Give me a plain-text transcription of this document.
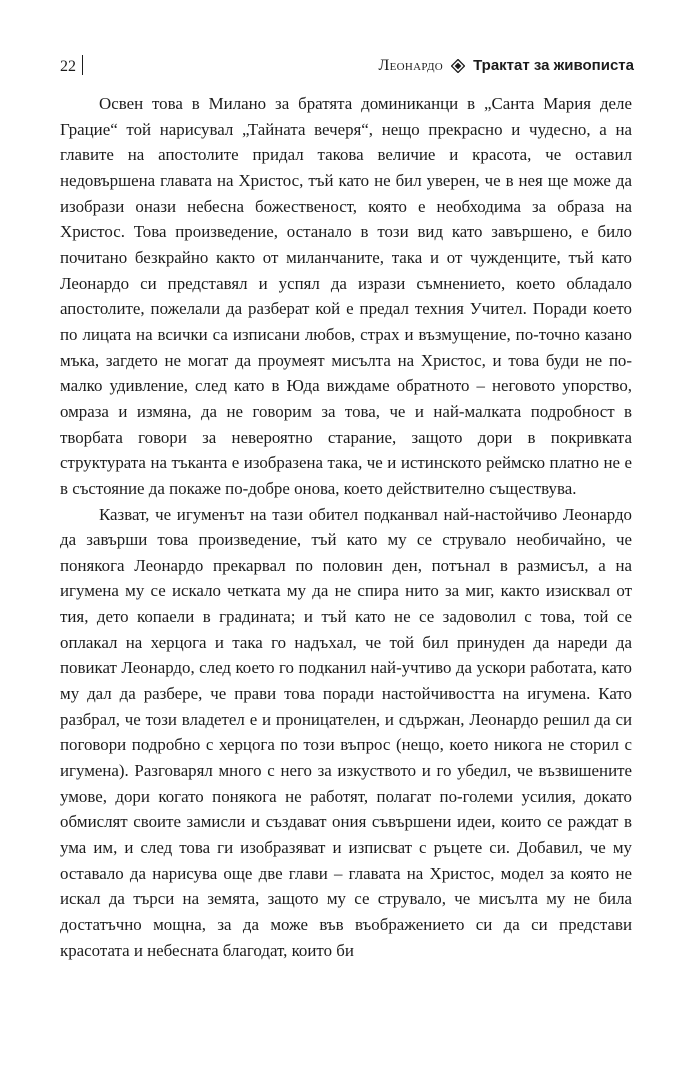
22	Леонардо Трактат за живописта

Освен това в Милано за братята доминиканци в „Санта Мария деле Грацие“ той нарисувал „Тайната вечеря“, нещо прекрасно и чудесно, а на главите на апостолите придал такова величие и красота, че оставил недовършена главата на Христос, тъй като не бил уверен, че в нея ще може да изобрази онази небесна божественост, която е необходима за образа на Христос. Това произведение, останало в този вид като завършено, е било почитано безкрайно както от миланчаните, така и от чужденците, тъй като Леонардо си представял и успял да изрази съмнението, което обладало апостолите, пожелали да разберат кой е предал техния Учител. Поради което по лицата на всички са изписани любов, страх и възмущение, по-точно казано мъка, загдето не могат да проумеят мисълта на Христос, и това буди не по-малко удивление, след като в Юда виждаме обратното – неговото упорство, омраза и измяна, да не говорим за това, че и най-малката подробност в творбата говори за невероятно старание, защото дори в покривката структурата на тъканта е изобразена така, че и истинското реймско платно не е в състояние да покаже по-добре онова, което действително съществува.

Казват, че игуменът на тази обител подканвал най-настойчиво Леонардо да завърши това произведение, тъй като му се струвало необичайно, че понякога Леонардо прекарвал по половин ден, потънал в размисъл, а на игумена му се искало четката му да не спира нито за миг, както изисквал от тия, дето копаели в градината; и тъй като не се задоволил с това, той се оплакал на херцога и така го надъхал, че той бил принуден да нареди да повикат Леонардо, след което го подканил най-учтиво да ускори работата, като му дал да разбере, че прави това поради настойчивостта на игумена. Като разбрал, че този владетел е и проницателен, и сдържан, Леонардо решил да си поговори подробно с херцога по този въпрос (нещо, което никога не сторил с игумена). Разговарял много с него за изкуството и го убедил, че възвишените умове, дори когато понякога не работят, полагат по-големи усилия, докато обмислят своите замисли и създават ония съвършени идеи, които се раждат в ума им, и след това ги изобразяват и изписват с ръцете си. Добавил, че му оставало да нарисува още две глави – главата на Христос, модел за която не искал да търси на земята, защото му се струвало, че мисълта му не била достатъчно мощна, за да може във въображението си да си представи красотата и небесната благодат, които би
